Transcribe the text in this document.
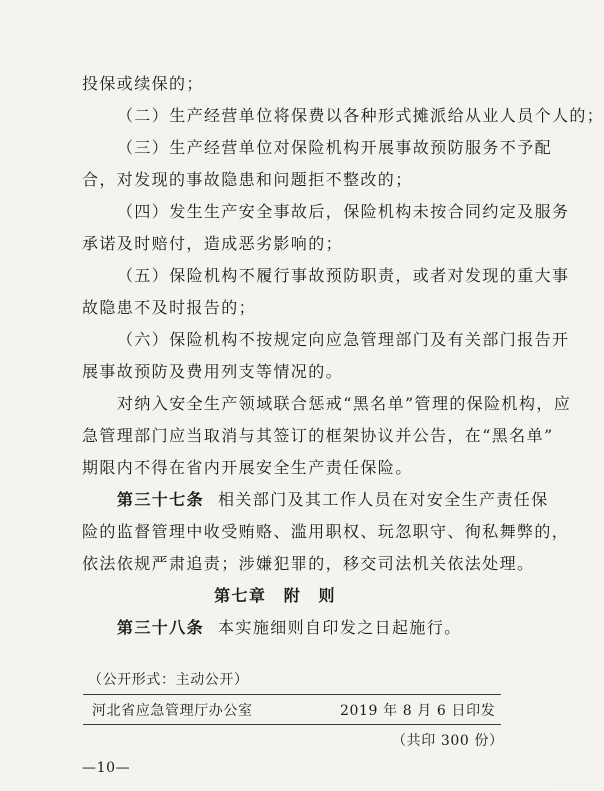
投保或续保的；
（二）生产经营单位将保费以各种形式摊派给从业人员个人的；
（三）生产经营单位对保险机构开展事故预防服务不予配
合，对发现的事故隐患和问题拒不整改的；
（四）发生生产安全事故后，保险机构未按合同约定及服务
承诺及时赔付，造成恶劣影响的；
（五）保险机构不履行事故预防职责，或者对发现的重大事
故隐患不及时报告的；
（六）保险机构不按规定向应急管理部门及有关部门报告开
展事故预防及费用列支等情况的。
对纳入安全生产领域联合惩戒“黑名单”管理的保险机构，应
急管理部门应当取消与其签订的框架协议并公告，在“黑名单”
期限内不得在省内开展安全生产责任保险。
第三十七条 相关部门及其工作人员在对安全生产责任保
险的监督管理中收受贿赂、滥用职权、玩忽职守、徇私舞弊的，
依法依规严肃追责；涉嫌犯罪的，移交司法机关依法处理。
第七章　附　则
第三十八条 本实施细则自印发之日起施行。
（公开形式：主动公开）
河北省应急管理厅办公室	2019 年 8 月 6 日印发
（共印 300 份）
—10—
